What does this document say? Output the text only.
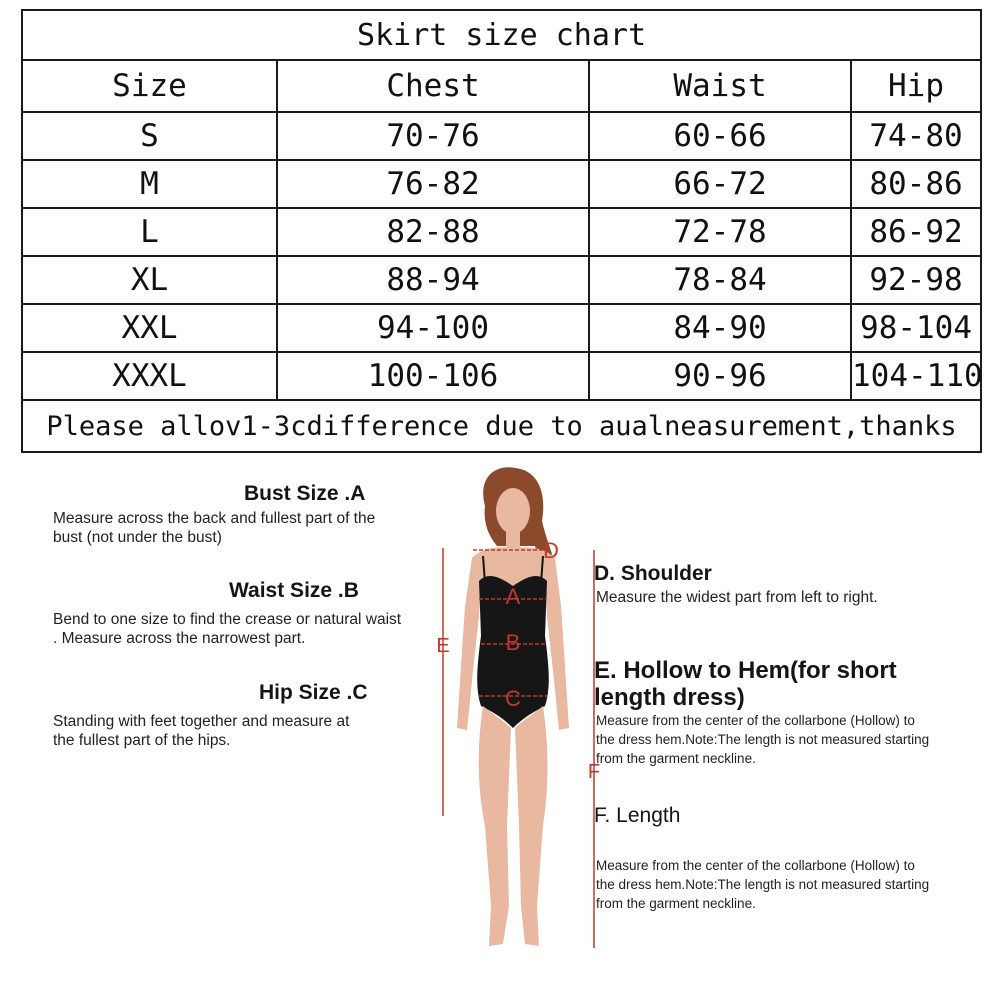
Skirt size chart			
Size	Chest	Waist	Hip
S	70-76	60-66	74-80
M	76-82	66-72	80-86
L	82-88	72-78	86-92
XL	88-94	78-84	92-98
XXL	94-100	84-90	98-104
XXXL	100-106	90-96	104-110
Please allov1-3cdifference due to aualneasurement,thanks			
Bust Size .A
Measure across the back and fullest part of the bust (not under the bust)
Waist Size .B
Bend to one size to find the crease or natural waist . Measure across the narrowest part.
Hip Size .C
Standing with feet together and measure at the fullest part of the hips.
A
B
C
D
E
F
D. Shoulder
Measure the widest part from left to right.
E. Hollow to Hem(for short length dress)
Measure from the center of the collarbone (Hollow) to the dress hem.Note:The length is not measured starting from the garment neckline.
F. Length
Measure from the center of the collarbone (Hollow) to the dress hem.Note:The length is not measured starting from the garment neckline.
